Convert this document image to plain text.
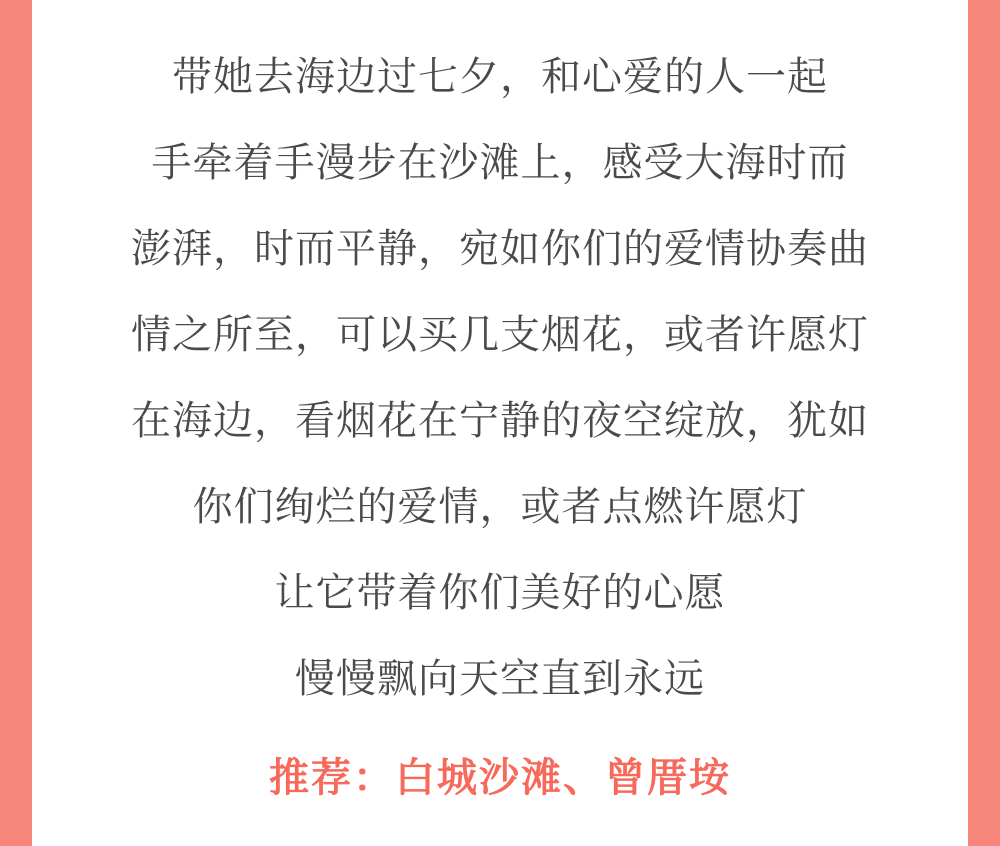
带她去海边过七夕，和心爱的人一起
手牵着手漫步在沙滩上，感受大海时而
澎湃，时而平静，宛如你们的爱情协奏曲
情之所至，可以买几支烟花，或者许愿灯
在海边，看烟花在宁静的夜空绽放，犹如
你们绚烂的爱情，或者点燃许愿灯
让它带着你们美好的心愿
慢慢飘向天空直到永远
推荐：白城沙滩、曾厝垵
